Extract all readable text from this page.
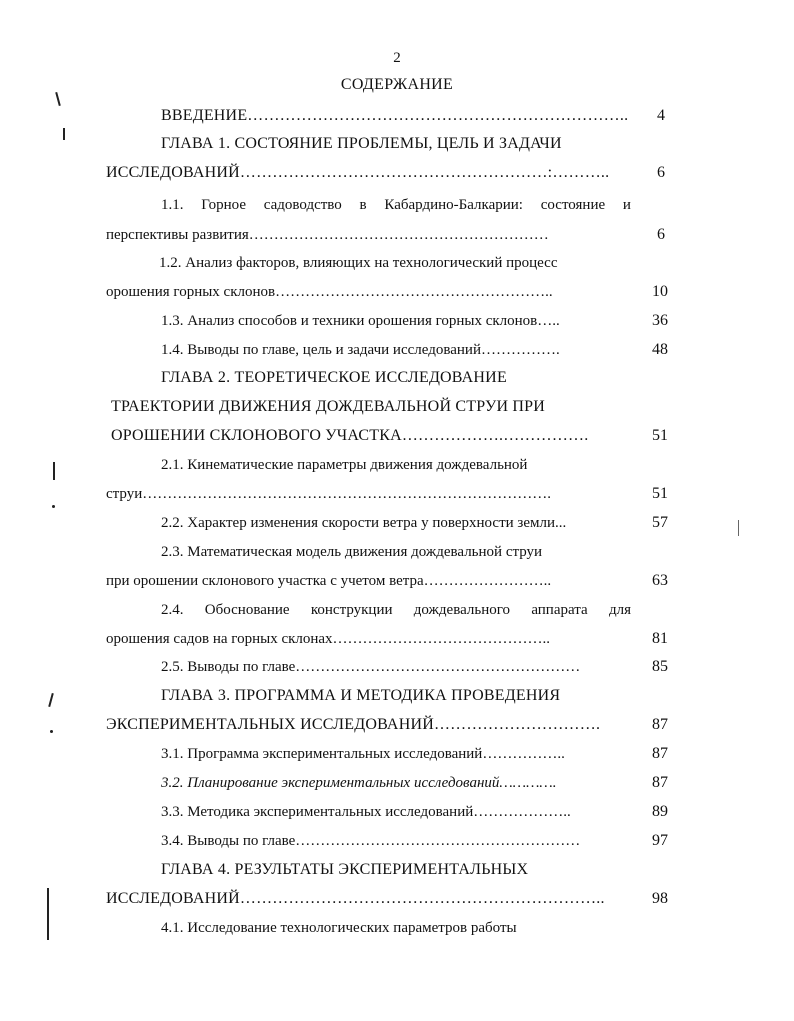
2
СОДЕРЖАНИЕ
ВВЕДЕНИЕ……………………………………………………………..	4
ГЛАВА 1. СОСТОЯНИЕ ПРОБЛЕМЫ, ЦЕЛЬ И ЗАДАЧИ
ИССЛЕДОВАНИЙ…………………………………………………:………..	6
1.1. Горное садоводство в Кабардино-Балкарии: состояние и
перспективы развития……………………………………………………	6
1.2. Анализ факторов, влияющих на технологический процесс
орошения горных склонов………………………………………………..	10
1.3. Анализ способов и техники орошения горных склонов…..	36
1.4. Выводы по главе, цель и задачи исследований…………….	48
ГЛАВА 2. ТЕОРЕТИЧЕСКОЕ ИССЛЕДОВАНИЕ
ТРАЕКТОРИИ ДВИЖЕНИЯ ДОЖДЕВАЛЬНОЙ СТРУИ ПРИ
ОРОШЕНИИ СКЛОНОВОГО УЧАСТКА……………….…………….	51
2.1. Кинематические параметры движения дождевальной
струи……………………………………………………………………….	51
2.2. Характер изменения скорости ветра у поверхности земли...	57
2.3. Математическая модель движения дождевальной струи
при орошении склонового участка с учетом ветра……………………..	63
2.4. Обоснование конструкции дождевального аппарата для
орошения садов на горных склонах……………………………………..	81
2.5. Выводы по главе…………………………………………………	85
ГЛАВА 3. ПРОГРАММА И МЕТОДИКА ПРОВЕДЕНИЯ
ЭКСПЕРИМЕНТАЛЬНЫХ ИССЛЕДОВАНИЙ………………………….	87
3.1. Программа экспериментальных исследований……………..	87
3.2. Планирование экспериментальных исследований………….	87
3.3. Методика экспериментальных исследований………………..	89
3.4. Выводы по главе…………………………………………………	97
ГЛАВА 4. РЕЗУЛЬТАТЫ ЭКСПЕРИМЕНТАЛЬНЫХ
ИССЛЕДОВАНИЙ…………………………………………………………..	98
4.1. Исследование технологических параметров работы
